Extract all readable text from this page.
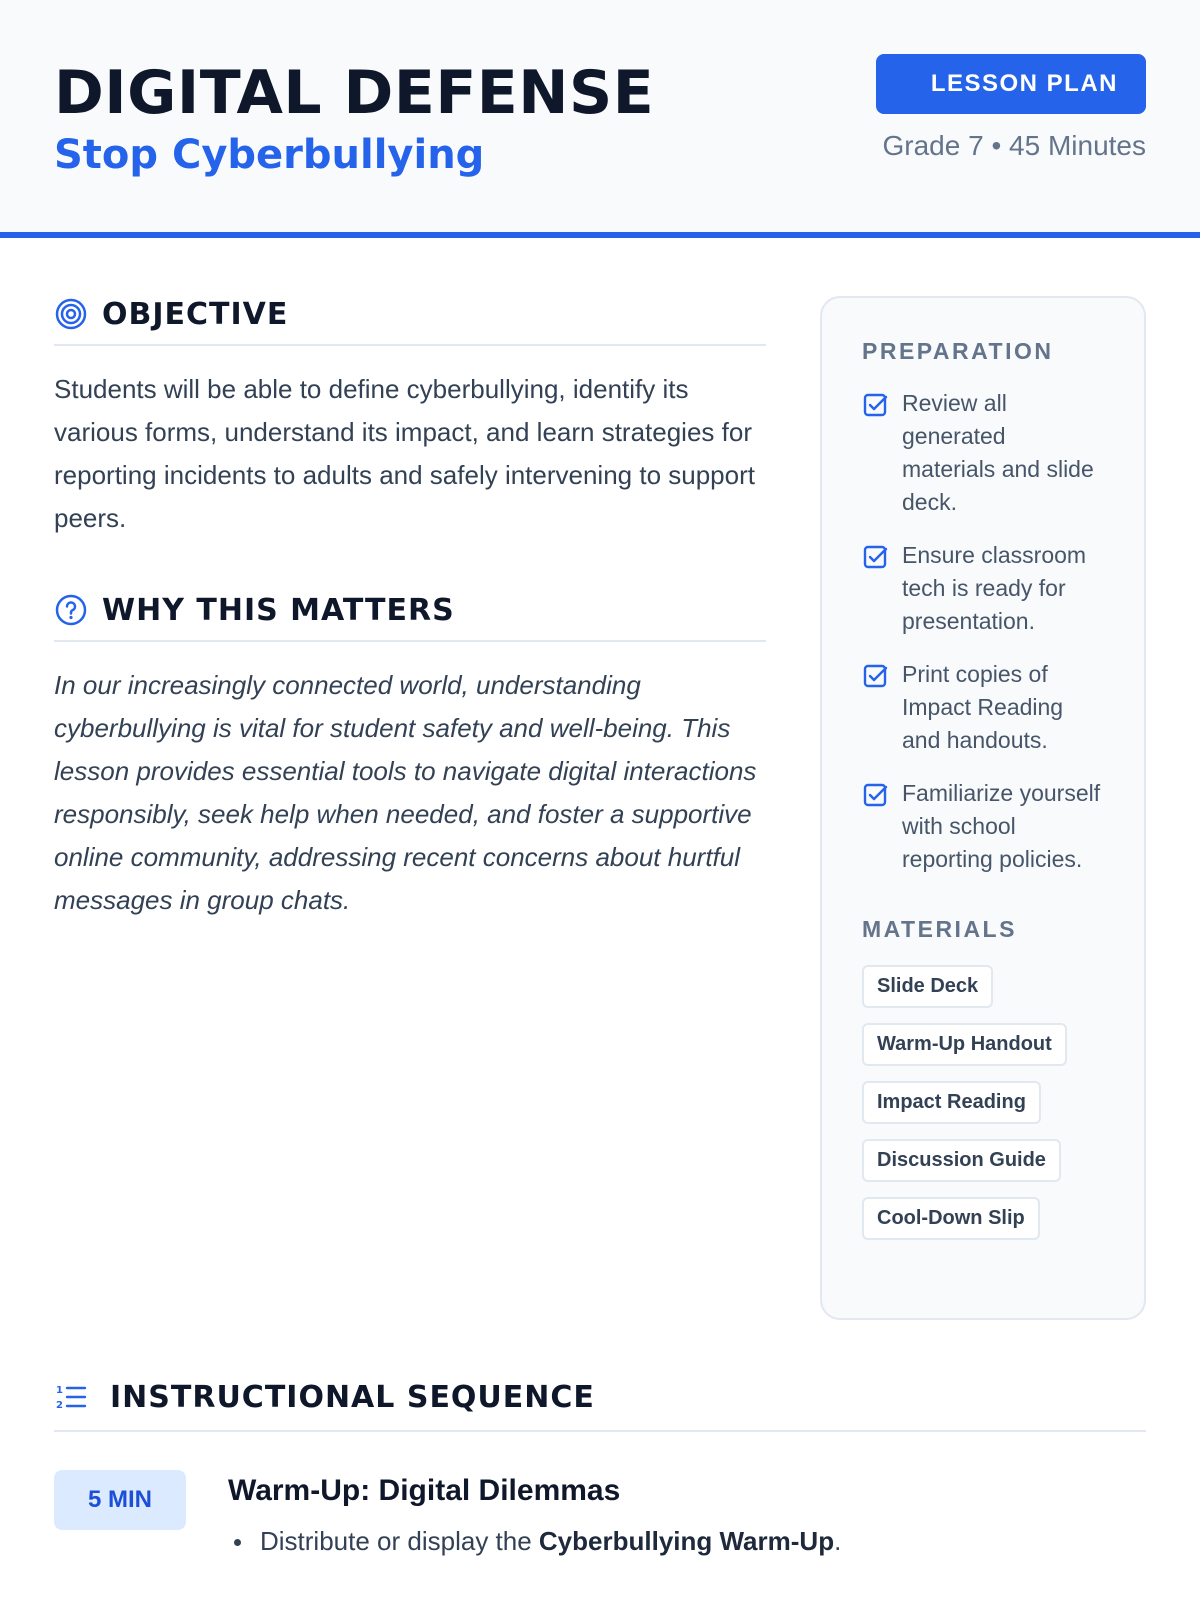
DIGITAL DEFENSE
Stop Cyberbullying
LESSON PLAN
Grade 7 • 45 Minutes
OBJECTIVE

Students will be able to define cyberbullying, identify its various forms, understand its impact, and learn strategies for reporting incidents to adults and safely intervening to support peers.

WHY THIS MATTERS

In our increasingly connected world, understanding cyberbullying is vital for student safety and well-being. This lesson provides essential tools to navigate digital interactions responsibly, seek help when needed, and foster a supportive online community, addressing recent concerns about hurtful messages in group chats.

PREPARATION
Review all generated materials and slide deck.
Ensure classroom tech is ready for presentation.
Print copies of Impact Reading and handouts.
Familiarize yourself with school reporting policies.
MATERIALS
Slide Deck
Warm-Up Handout
Impact Reading
Discussion Guide
Cool-Down Slip
1
2 INSTRUCTIONAL SEQUENCE
5 MIN	Warm-Up: Digital Dilemmas
Distribute or display the Cyberbullying Warm-Up.
